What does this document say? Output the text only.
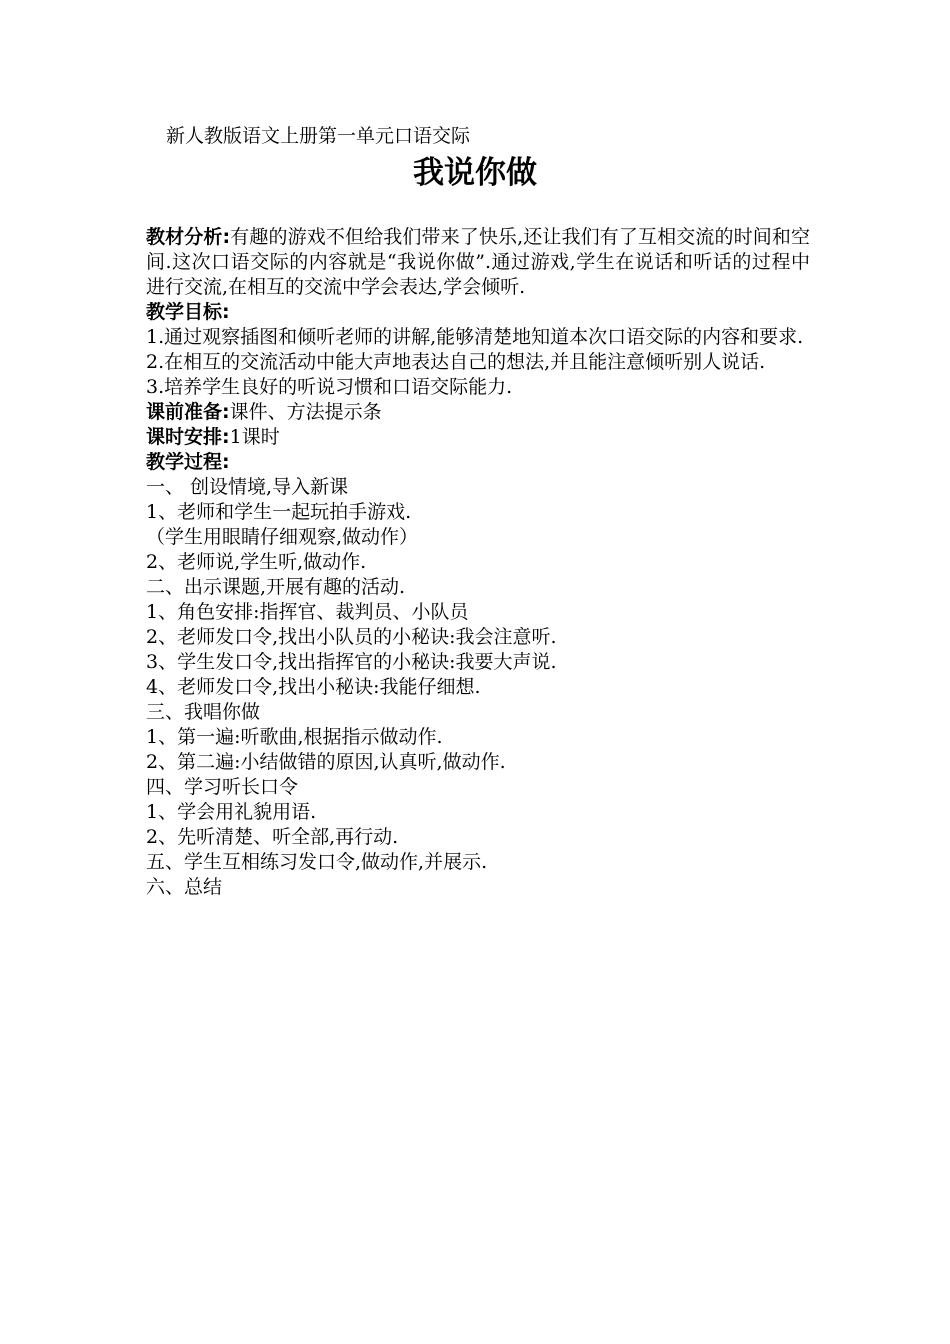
新人教版语文上册第一单元口语交际
我说你做

教材分析:有趣的游戏不但给我们带来了快乐,还让我们有了互相交流的时间和空间.这次口语交际的内容就是“我说你做”.通过游戏,学生在说话和听话的过程中进行交流,在相互的交流中学会表达,学会倾听.

教学目标:

1.通过观察插图和倾听老师的讲解,能够清楚地知道本次口语交际的内容和要求.

2.在相互的交流活动中能大声地表达自己的想法,并且能注意倾听别人说话.

3.培养学生良好的听说习惯和口语交际能力.

课前准备:课件、方法提示条

课时安排:1课时

教学过程:

一、 创设情境,导入新课

1、老师和学生一起玩拍手游戏.

（学生用眼睛仔细观察,做动作）

2、老师说,学生听,做动作.

二、出示课题,开展有趣的活动.

1、角色安排:指挥官、裁判员、小队员

2、老师发口令,找出小队员的小秘诀:我会注意听.

3、学生发口令,找出指挥官的小秘诀:我要大声说.

4、老师发口令,找出小秘诀:我能仔细想.

三、我唱你做

1、第一遍:听歌曲,根据指示做动作.

2、第二遍:小结做错的原因,认真听,做动作.

四、学习听长口令

1、学会用礼貌用语.

2、先听清楚、听全部,再行动.

五、学生互相练习发口令,做动作,并展示.

六、总结
